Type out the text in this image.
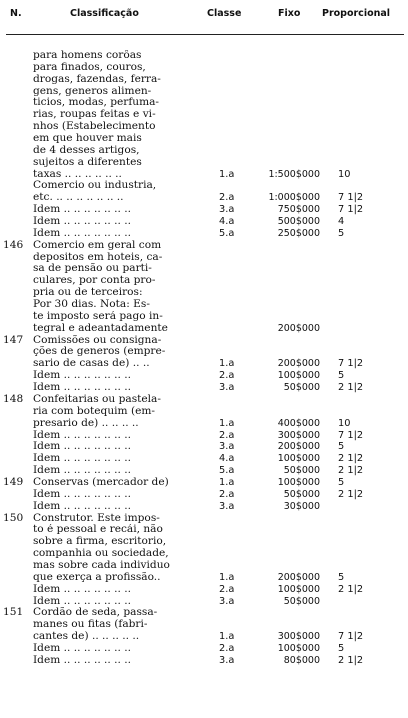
N.	Classificação	Classe	Fixo Proporcional
para homens corôas
para finados, couros,
drogas, fazendas, ferra-
gens, generos alimen-
ticios, modas, perfuma-
rias, roupas feitas e vi-
nhos (Estabelecimento
em que houver mais
de 4 desses artigos,
sujeitos a diferentes
taxas .. .. .. .. .. ..	1.a	1:500$000 10
Comercio ou industria,
etc. .. .. .. .. .. .. ..	2.a	1:000$000 7 1|2
Idem .. .. .. .. .. .. ..	3.a	750$000 7 1|2
Idem .. .. .. .. .. .. ..	4.a	500$000 4
Idem .. .. .. .. .. .. ..	5.a	250$000 5
146 Comercio em geral com
depositos em hoteis, ca-
sa de pensão ou parti-
culares, por conta pro-
pria ou de terceiros:
Por 30 dias. Nota: Es-
te imposto será pago in-
tegral e adeantadamente	200$000
147 Comissões ou consigna-
ções de generos (empre-
sario de casas de) .. ..	1.a	200$000 7 1|2
Idem .. .. .. .. .. .. ..	2.a	100$000 5
Idem .. .. .. .. .. .. ..	3.a	50$000 2 1|2
148 Confeitarias ou pastela-
ria com botequim (em-
presario de) .. .. .. ..	1.a	400$000 10
Idem .. .. .. .. .. .. ..	2.a	300$000 7 1|2
Idem .. .. .. .. .. .. ..	3.a	200$000 5
Idem .. .. .. .. .. .. ..	4.a	100$000 2 1|2
Idem .. .. .. .. .. .. ..	5.a	50$000 2 1|2
149 Conservas (mercador de)	1.a	100$000 5
Idem .. .. .. .. .. .. ..	2.a	50$000 2 1|2
Idem .. .. .. .. .. .. ..	3.a	30$000
150 Construtor. Este impos-
to é pessoal e recái, não
sobre a firma, escritorio,
companhia ou sociedade,
mas sobre cada individuo
que exerça a profissão..	1.a	200$000 5
Idem .. .. .. .. .. .. ..	2.a	100$000 2 1|2
Idem .. .. .. .. .. .. ..	3.a	50$000
151 Cordão de seda, passa-
manes ou fitas (fabri-
cantes de) .. .. .. .. ..	1.a	300$000 7 1|2
Idem .. .. .. .. .. .. ..	2.a	100$000 5
Idem .. .. .. .. .. .. ..	3.a	80$000 2 1|2
